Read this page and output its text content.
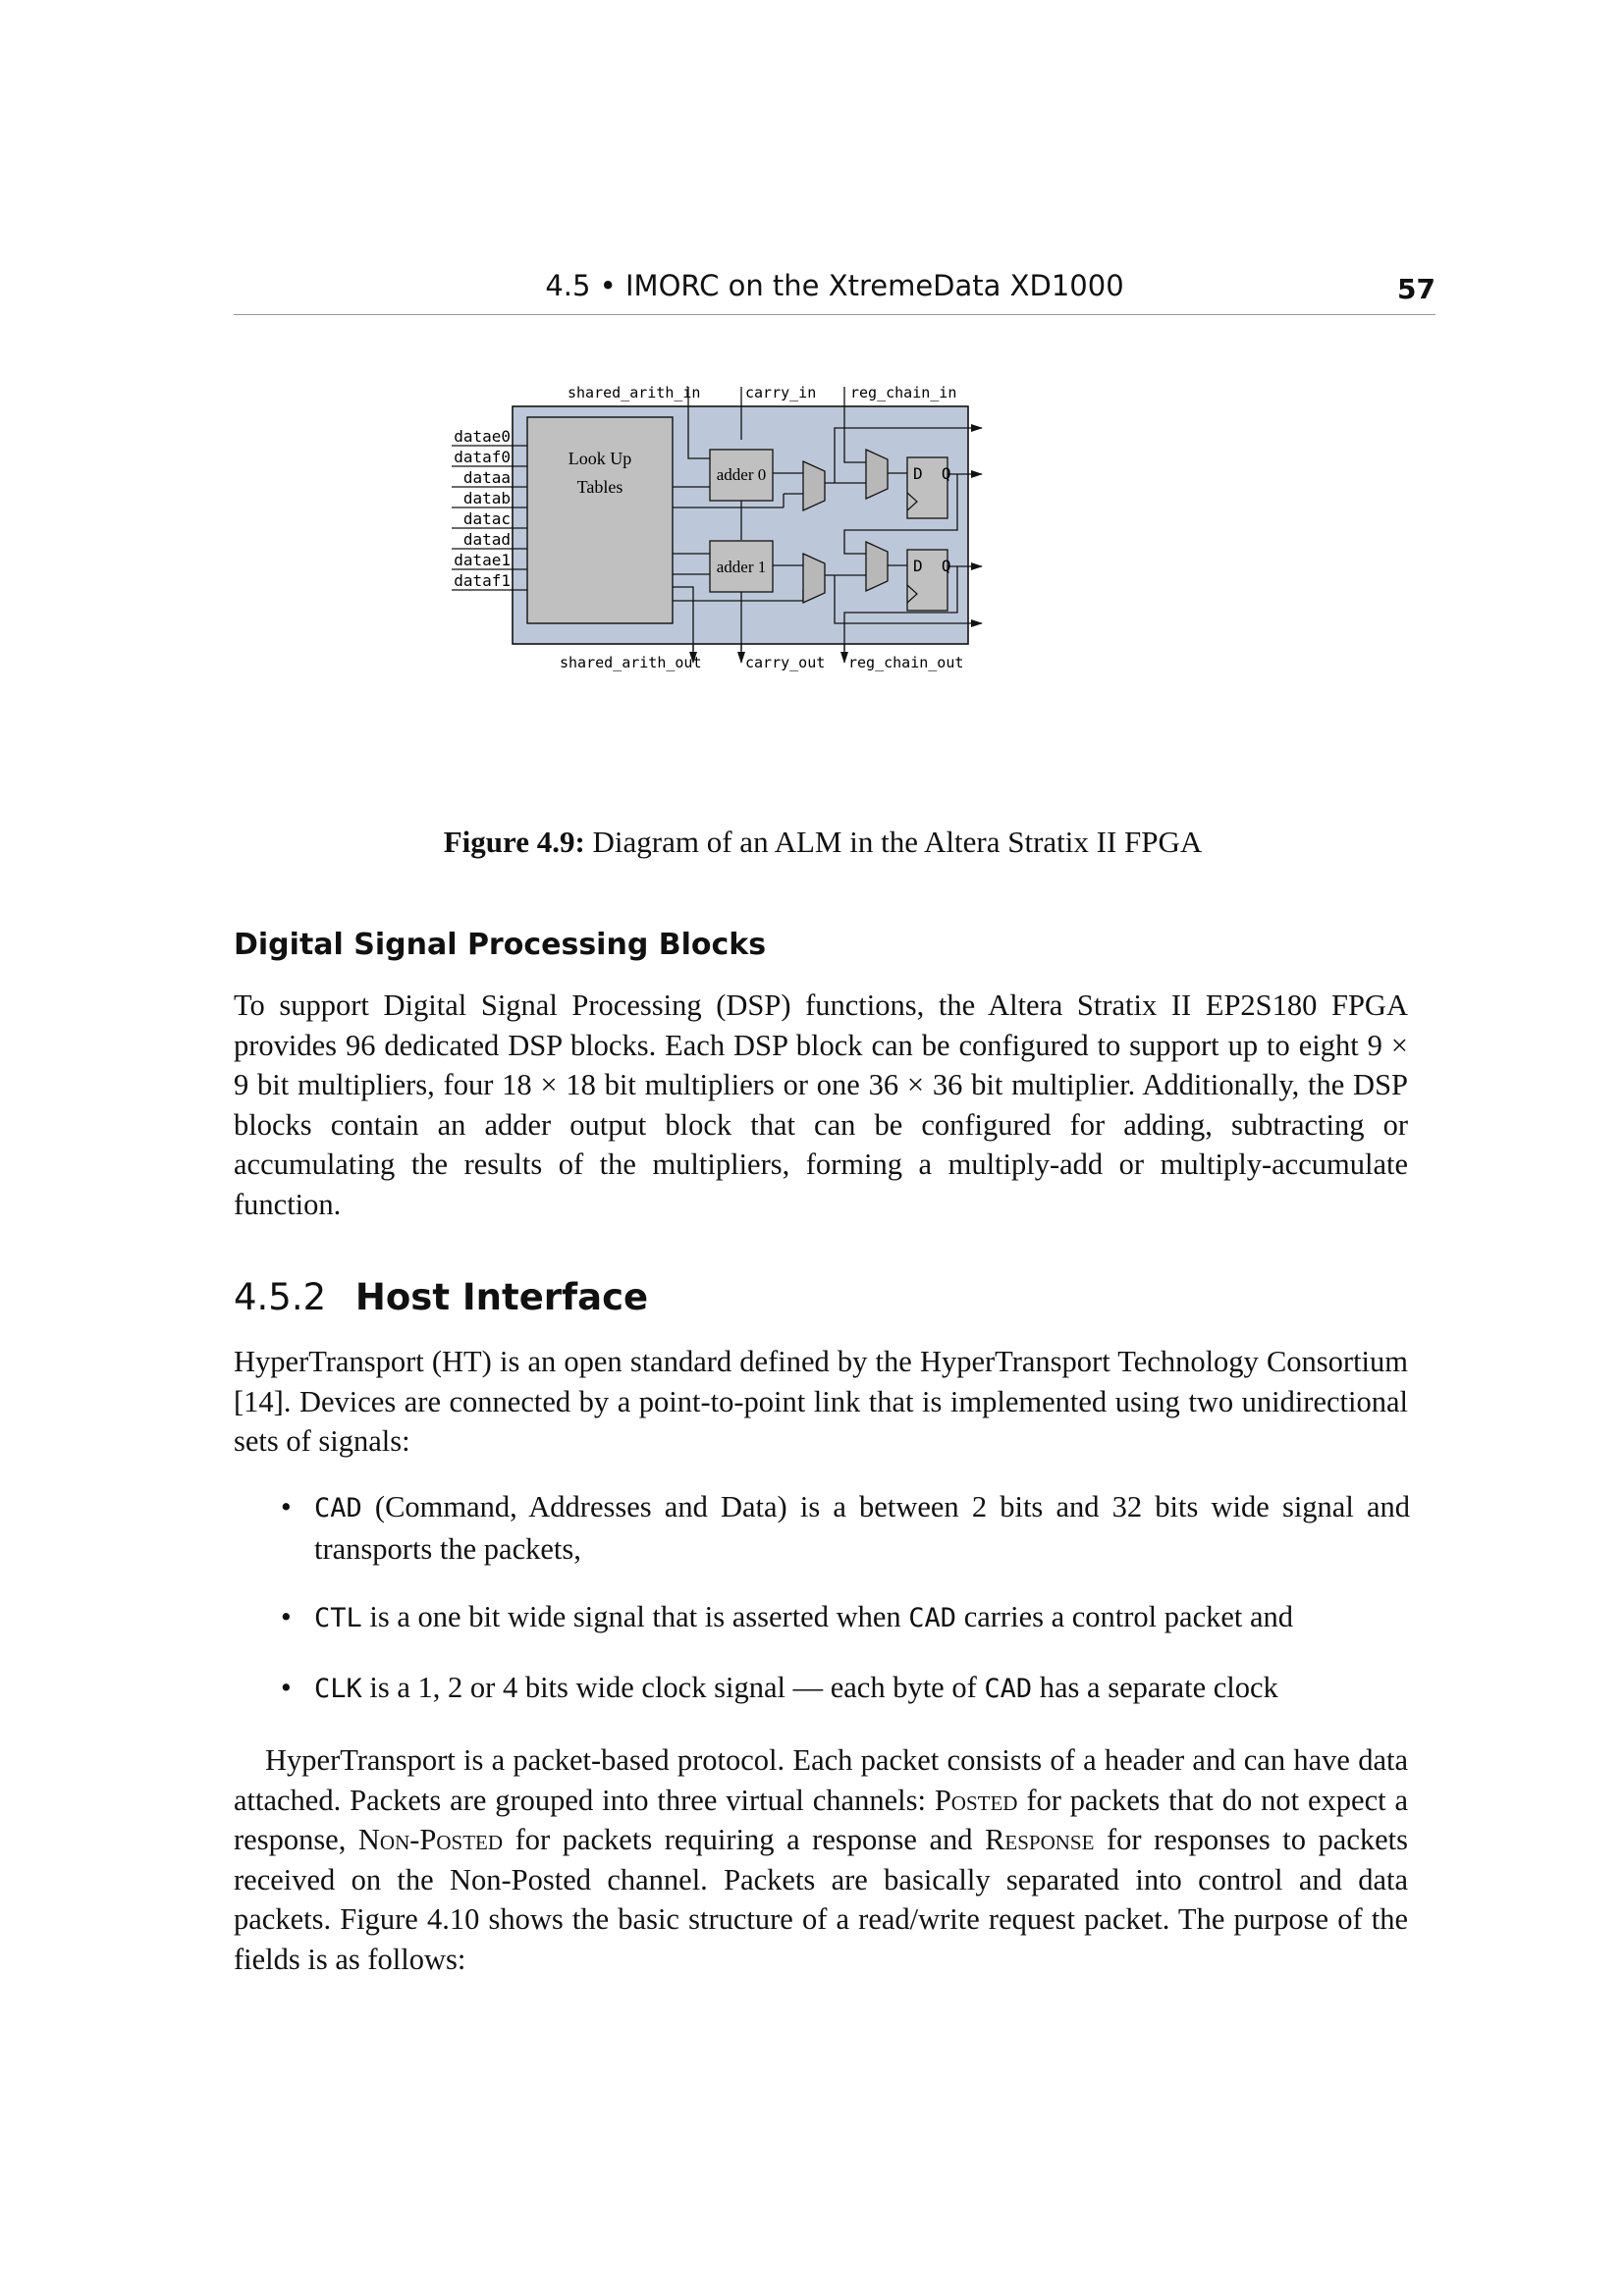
4.5 • IMORC on the XtremeData XD1000	57
Look Up
Tables
datae0
dataf0
dataa
datab
datac
datad
datae1
dataf1
shared_arith_in	carry_in reg_chain_in
shared_arith_out	carry_out reg_chain_out
adder 0
adder 1
D  Q
D  Q
Figure 4.9: Diagram of an ALM in the Altera Stratix II FPGA
Digital Signal Processing Blocks

To support Digital Signal Processing (DSP) functions, the Altera Stratix II EP2S180 FPGA provides 96 dedicated DSP blocks. Each DSP block can be configured to support up to eight 9 × 9 bit multipliers, four 18 × 18 bit multipliers or one 36 × 36 bit multiplier. Additionally, the DSP blocks contain an adder output block that can be configured for adding, subtracting or accumulating the results of the multipliers, forming a multiply-add or multiply-accumulate function.

4.5.2 Host Interface

HyperTransport (HT) is an open standard defined by the HyperTransport Technology Consortium [14]. Devices are connected by a point-to-point link that is implemented using two unidirectional sets of signals:

• CAD (Command, Addresses and Data) is a between 2 bits and 32 bits wide signal and transports the packets,
• CTL is a one bit wide signal that is asserted when CAD carries a control packet and
• CLK is a 1, 2 or 4 bits wide clock signal — each byte of CAD has a separate clock

HyperTransport is a packet-based protocol. Each packet consists of a header and can have data attached. Packets are grouped into three virtual channels: Posted for packets that do not expect a response, Non-Posted for packets requiring a response and Response for responses to packets received on the Non-Posted channel. Packets are basically separated into control and data packets. Figure 4.10 shows the basic structure of a read/write request packet. The purpose of the fields is as follows:
